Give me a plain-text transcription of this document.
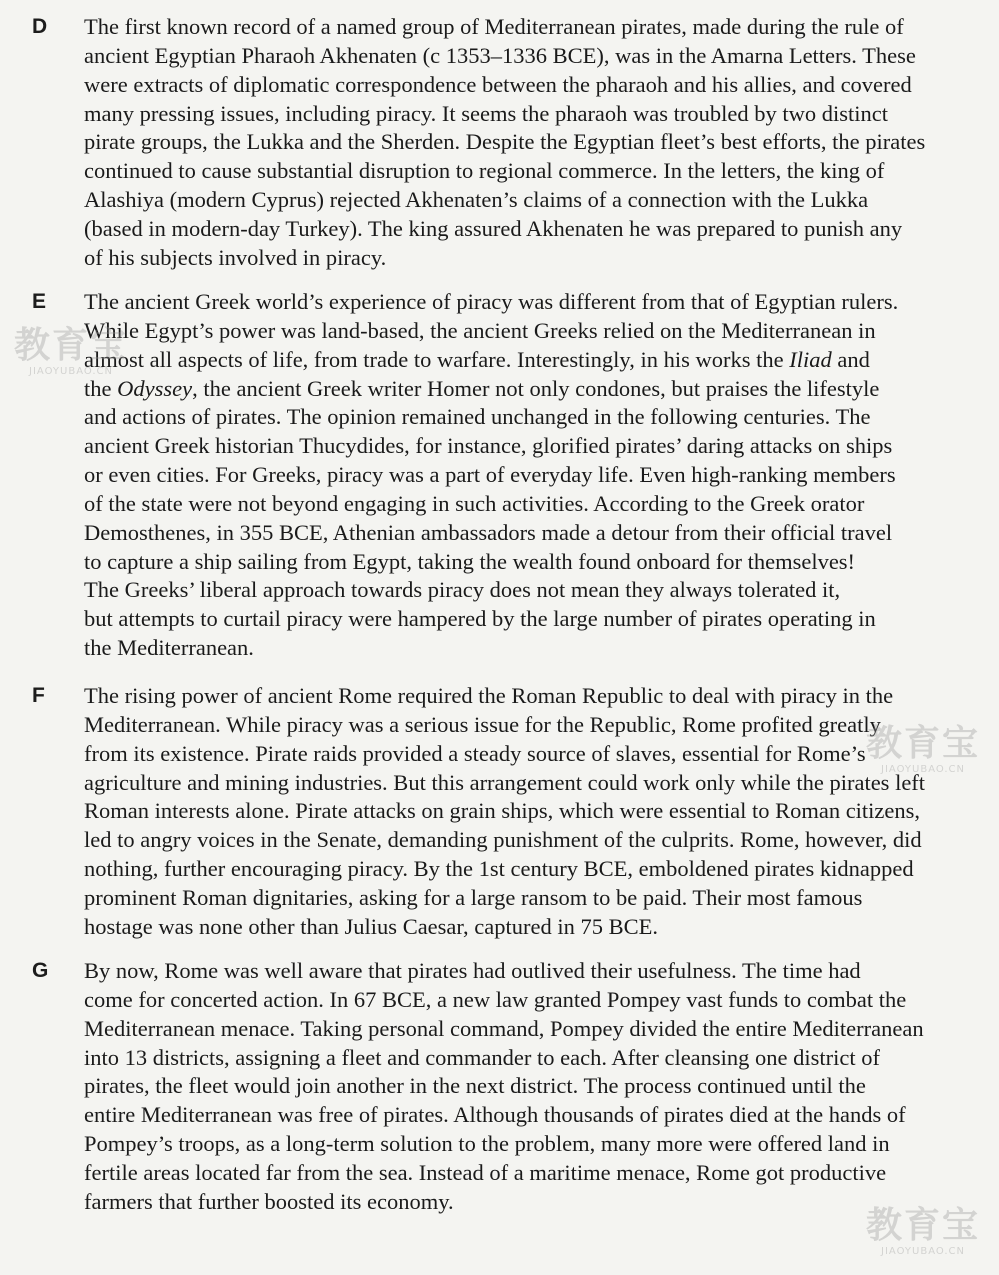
D The first known record of a named group of Mediterranean pirates, made during the rule of
ancient Egyptian Pharaoh Akhenaten (c 1353–1336 BCE), was in the Amarna Letters. These
were extracts of diplomatic correspondence between the pharaoh and his allies, and covered
many pressing issues, including piracy. It seems the pharaoh was troubled by two distinct
pirate groups, the Lukka and the Sherden. Despite the Egyptian fleet’s best efforts, the pirates
continued to cause substantial disruption to regional commerce. In the letters, the king of
Alashiya (modern Cyprus) rejected Akhenaten’s claims of a connection with the Lukka
(based in modern-day Turkey). The king assured Akhenaten he was prepared to punish any
of his subjects involved in piracy.

E The ancient Greek world’s experience of piracy was different from that of Egyptian rulers.
While Egypt’s power was land-based, the ancient Greeks relied on the Mediterranean in
almost all aspects of life, from trade to warfare. Interestingly, in his works the Iliad and
the Odyssey, the ancient Greek writer Homer not only condones, but praises the lifestyle
and actions of pirates. The opinion remained unchanged in the following centuries. The
ancient Greek historian Thucydides, for instance, glorified pirates’ daring attacks on ships
or even cities. For Greeks, piracy was a part of everyday life. Even high-ranking members
of the state were not beyond engaging in such activities. According to the Greek orator
Demosthenes, in 355 BCE, Athenian ambassadors made a detour from their official travel
to capture a ship sailing from Egypt, taking the wealth found onboard for themselves!
The Greeks’ liberal approach towards piracy does not mean they always tolerated it,
but attempts to curtail piracy were hampered by the large number of pirates operating in
the Mediterranean.

F The rising power of ancient Rome required the Roman Republic to deal with piracy in the
Mediterranean. While piracy was a serious issue for the Republic, Rome profited greatly
from its existence. Pirate raids provided a steady source of slaves, essential for Rome’s
agriculture and mining industries. But this arrangement could work only while the pirates left
Roman interests alone. Pirate attacks on grain ships, which were essential to Roman citizens,
led to angry voices in the Senate, demanding punishment of the culprits. Rome, however, did
nothing, further encouraging piracy. By the 1st century BCE, emboldened pirates kidnapped
prominent Roman dignitaries, asking for a large ransom to be paid. Their most famous
hostage was none other than Julius Caesar, captured in 75 BCE.

G By now, Rome was well aware that pirates had outlived their usefulness. The time had
come for concerted action. In 67 BCE, a new law granted Pompey vast funds to combat the
Mediterranean menace. Taking personal command, Pompey divided the entire Mediterranean
into 13 districts, assigning a fleet and commander to each. After cleansing one district of
pirates, the fleet would join another in the next district. The process continued until the
entire Mediterranean was free of pirates. Although thousands of pirates died at the hands of
Pompey’s troops, as a long-term solution to the problem, many more were offered land in
fertile areas located far from the sea. Instead of a maritime menace, Rome got productive
farmers that further boosted its economy.

教育宝
JIAOYUBAO.CN
教育宝
JIAOYUBAO.CN
教育宝
JIAOYUBAO.CN
